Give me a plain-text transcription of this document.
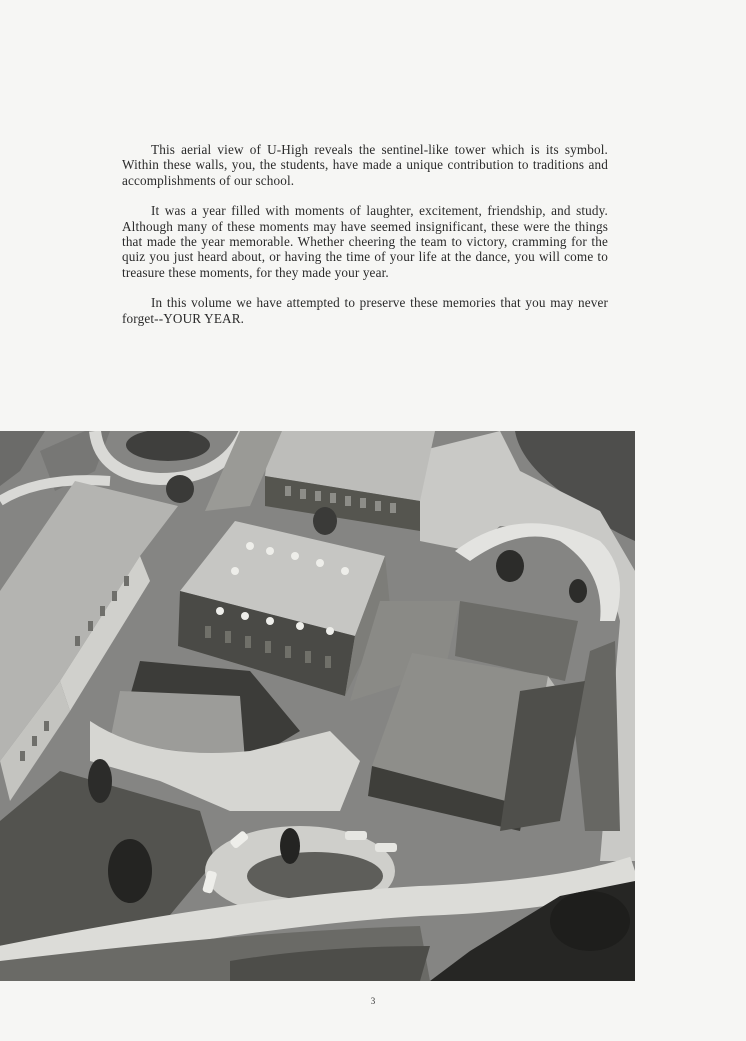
This aerial view of U-High reveals the sentinel-like tower which is its symbol. Within these walls, you, the students, have made a unique contribution to traditions and accomplishments of our school.

It was a year filled with moments of laughter, excitement, friendship, and study. Although many of these moments may have seemed insignificant, these were the things that made the year memorable. Whether cheering the team to victory, cramming for the quiz you just heard about, or having the time of your life at the dance, you will come to treasure these moments, for they made your year.

In this volume we have attempted to preserve these memories that you may never forget--YOUR YEAR.

3
